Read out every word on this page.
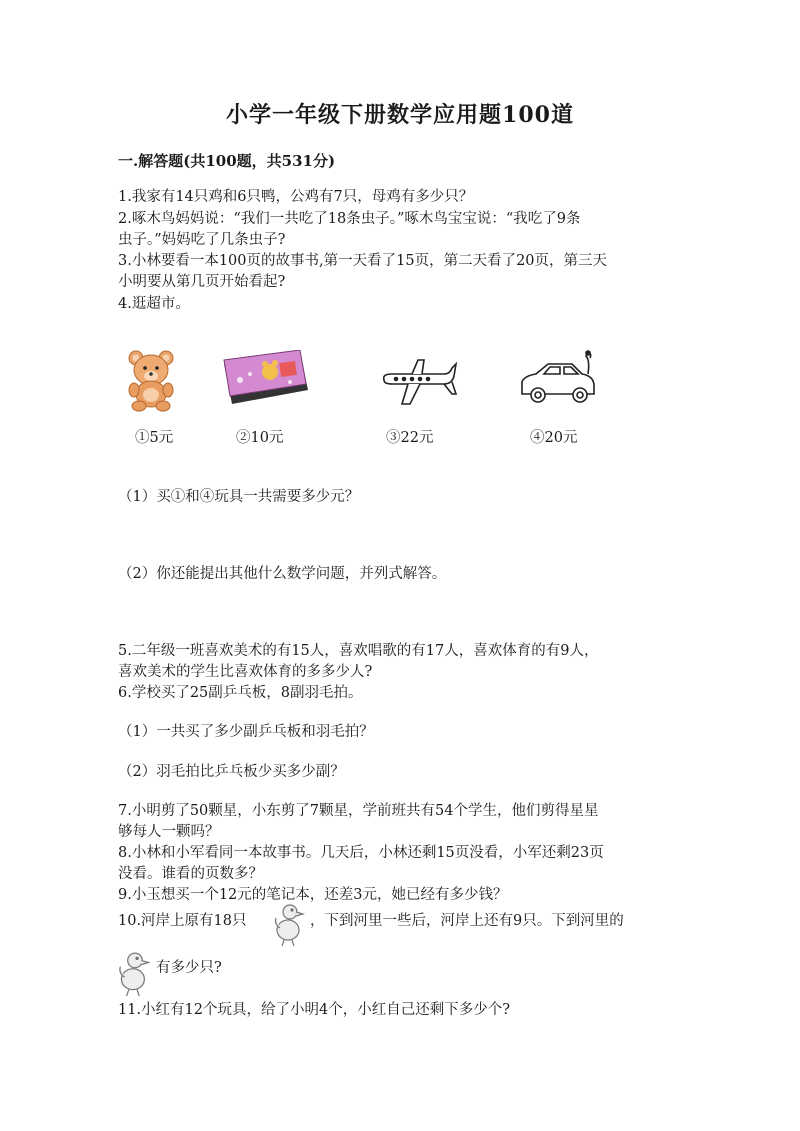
小学一年级下册数学应用题100道
一.解答题(共100题，共531分)
1.我家有14只鸡和6只鸭，公鸡有7只，母鸡有多少只？
2.啄木鸟妈妈说：“我们一共吃了18条虫子。”啄木鸟宝宝说：“我吃了9条
虫子。”妈妈吃了几条虫子?
3.小林要看一本100页的故事书,第一天看了15页，第二天看了20页，第三天
小明要从第几页开始看起?
4.逛超市。
①5元	②10元	③22元	④20元
（1）买①和④玩具一共需要多少元？
（2）你还能提出其他什么数学问题，并列式解答。
5.二年级一班喜欢美术的有15人，喜欢唱歌的有17人，喜欢体育的有9人，
喜欢美术的学生比喜欢体育的多多少人?
6.学校买了25副乒乓板，8副羽毛拍。
（1）一共买了多少副乒乓板和羽毛拍？
（2）羽毛拍比乒乓板少买多少副？
7.小明剪了50颗星，小东剪了7颗星，学前班共有54个学生，他们剪得星星
够每人一颗吗？
8.小林和小军看同一本故事书。几天后，小林还剩15页没看，小军还剩23页
没看。谁看的页数多？
9.小玉想买一个12元的笔记本，还差3元，她已经有多少钱？
10.河岸上原有18只	，下到河里一些后，河岸上还有9只。下到河里的
有多少只?
11.小红有12个玩具，给了小明4个，小红自己还剩下多少个?
